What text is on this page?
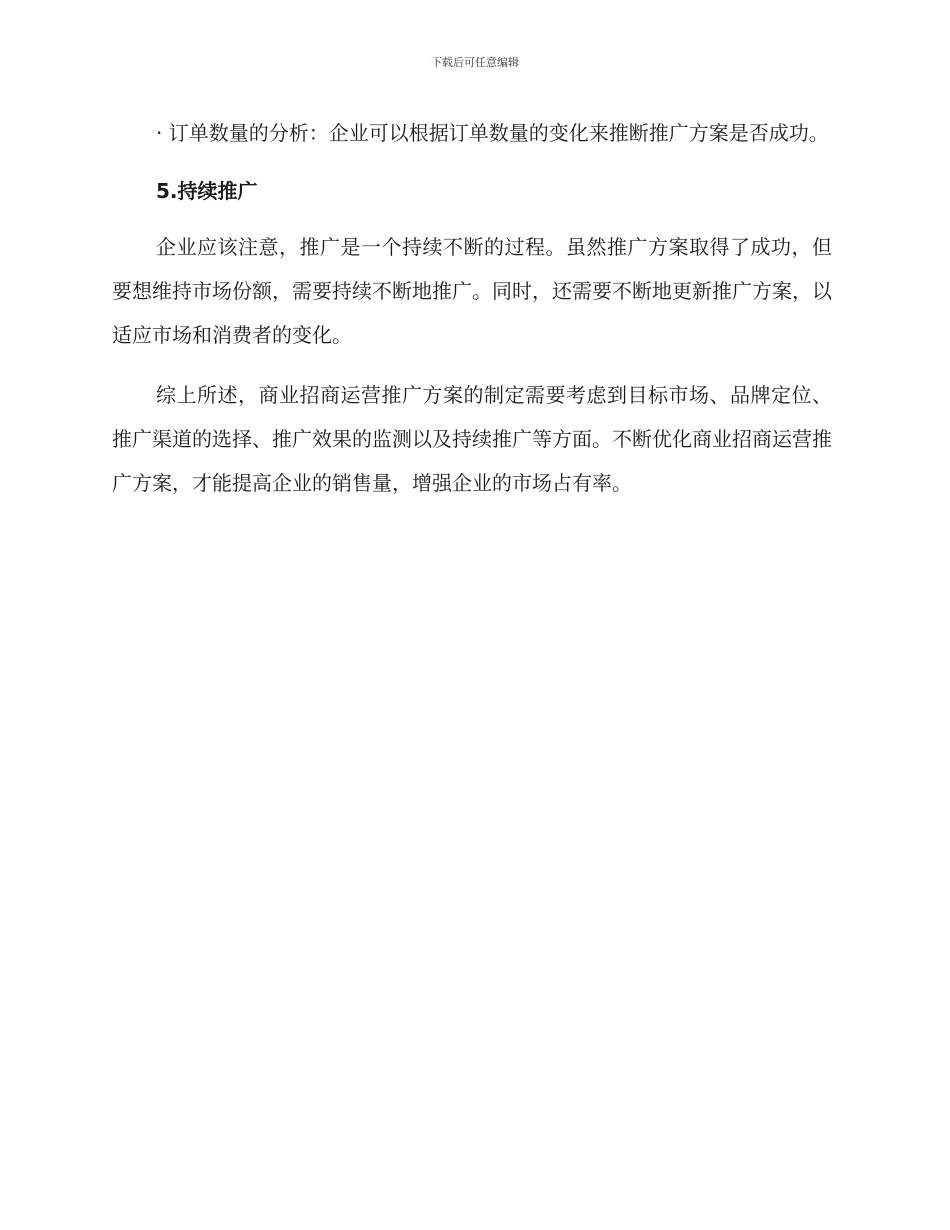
下载后可任意编辑

· 订单数量的分析：企业可以根据订单数量的变化来推断推广方案是否成功。

5.持续推广

企业应该注意，推广是一个持续不断的过程。虽然推广方案取得了成功，但要想维持市场份额，需要持续不断地推广。同时，还需要不断地更新推广方案，以适应市场和消费者的变化。

综上所述，商业招商运营推广方案的制定需要考虑到目标市场、品牌定位、推广渠道的选择、推广效果的监测以及持续推广等方面。不断优化商业招商运营推广方案，才能提高企业的销售量，增强企业的市场占有率。
